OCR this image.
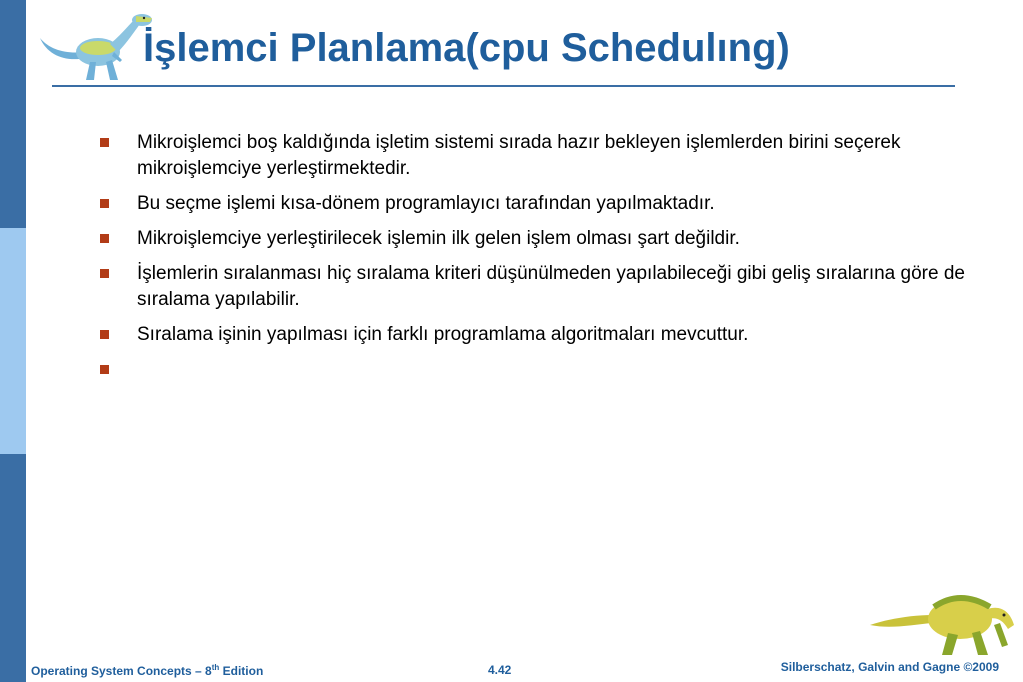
İşlemci Planlama(cpu Schedulıng)
Mikroişlemci boş kaldığında işletim sistemi sırada hazır bekleyen işlemlerden birini seçerek mikroişlemciye yerleştirmektedir.
Bu seçme işlemi kısa-dönem programlayıcı tarafından yapılmaktadır.
Mikroişlemciye yerleştirilecek işlemin ilk gelen işlem olması şart değildir.
İşlemlerin sıralanması hiç sıralama kriteri düşünülmeden yapılabileceği gibi geliş sıralarına göre de sıralama yapılabilir.
Sıralama işinin yapılması için farklı programlama algoritmaları mevcuttur.
Operating System Concepts – 8th Edition	4.42	Silberschatz, Galvin and Gagne ©2009
